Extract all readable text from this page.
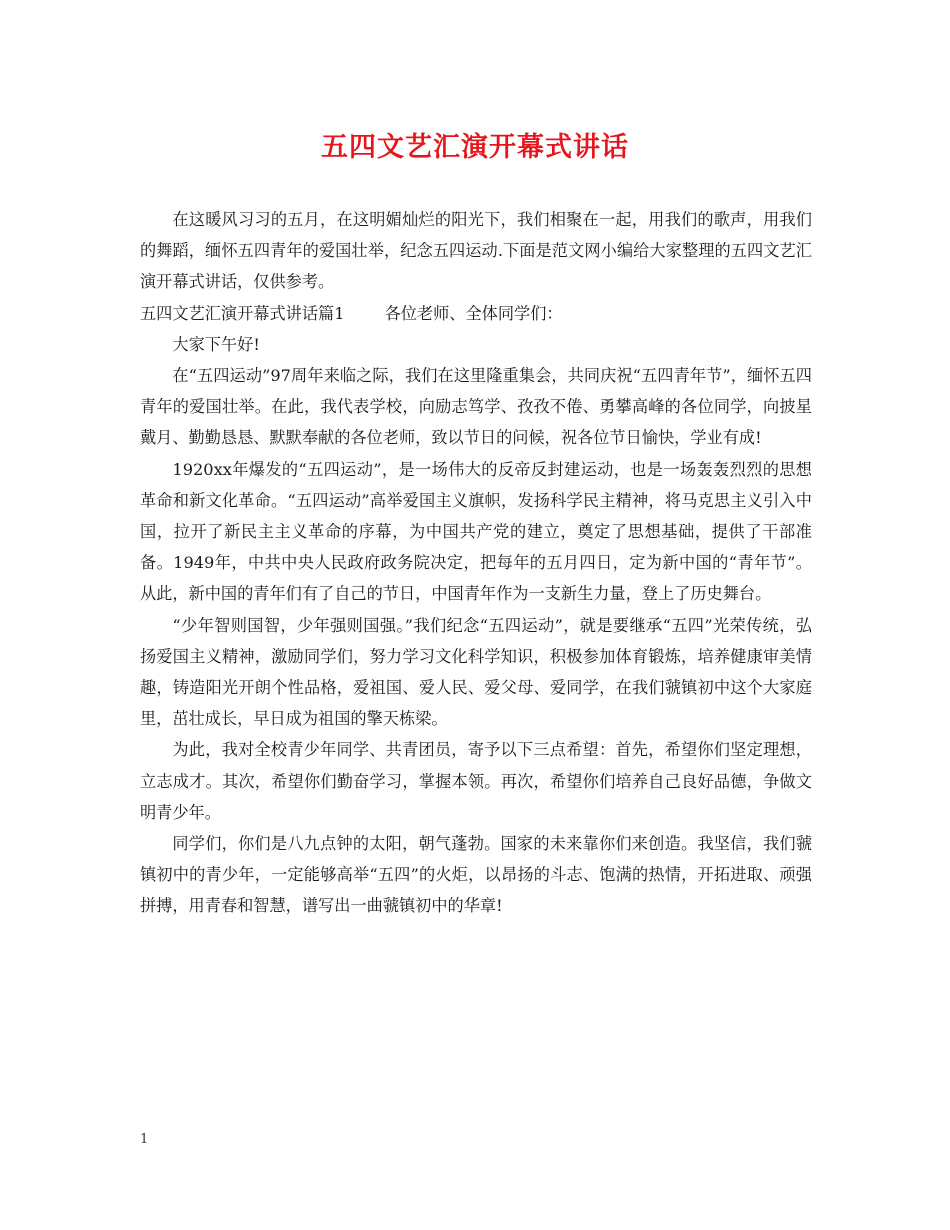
五四文艺汇演开幕式讲话

在这暖风习习的五月，在这明媚灿烂的阳光下，我们相聚在一起，用我们的歌声，用我们的舞蹈，缅怀五四青年的爱国壮举，纪念五四运动.下面是范文网小编给大家整理的五四文艺汇演开幕式讲话，仅供参考。

五四文艺汇演开幕式讲话篇1 各位老师、全体同学们：

大家下午好!

在“五四运动”97周年来临之际，我们在这里隆重集会，共同庆祝“五四青年节”，缅怀五四青年的爱国壮举。在此，我代表学校，向励志笃学、孜孜不倦、勇攀高峰的各位同学，向披星戴月、勤勤恳恳、默默奉献的各位老师，致以节日的问候，祝各位节日愉快，学业有成!

1920xx年爆发的“五四运动”，是一场伟大的反帝反封建运动，也是一场轰轰烈烈的思想革命和新文化革命。“五四运动”高举爱国主义旗帜，发扬科学民主精神，将马克思主义引入中国，拉开了新民主主义革命的序幕，为中国共产党的建立，奠定了思想基础，提供了干部准备。1949年，中共中央人民政府政务院决定，把每年的五月四日，定为新中国的“青年节”。从此，新中国的青年们有了自己的节日，中国青年作为一支新生力量，登上了历史舞台。

“少年智则国智，少年强则国强。”我们纪念“五四运动”，就是要继承“五四”光荣传统，弘扬爱国主义精神，激励同学们，努力学习文化科学知识，积极参加体育锻炼，培养健康审美情趣，铸造阳光开朗个性品格，爱祖国、爱人民、爱父母、爱同学，在我们虢镇初中这个大家庭里，茁壮成长，早日成为祖国的擎天栋梁。

为此，我对全校青少年同学、共青团员，寄予以下三点希望：首先，希望你们坚定理想，立志成才。其次，希望你们勤奋学习，掌握本领。再次，希望你们培养自己良好品德，争做文明青少年。

同学们，你们是八九点钟的太阳，朝气蓬勃。国家的未来靠你们来创造。我坚信，我们虢镇初中的青少年，一定能够高举“五四”的火炬，以昂扬的斗志、饱满的热情，开拓进取、顽强拼搏，用青春和智慧，谱写出一曲虢镇初中的华章!

1
